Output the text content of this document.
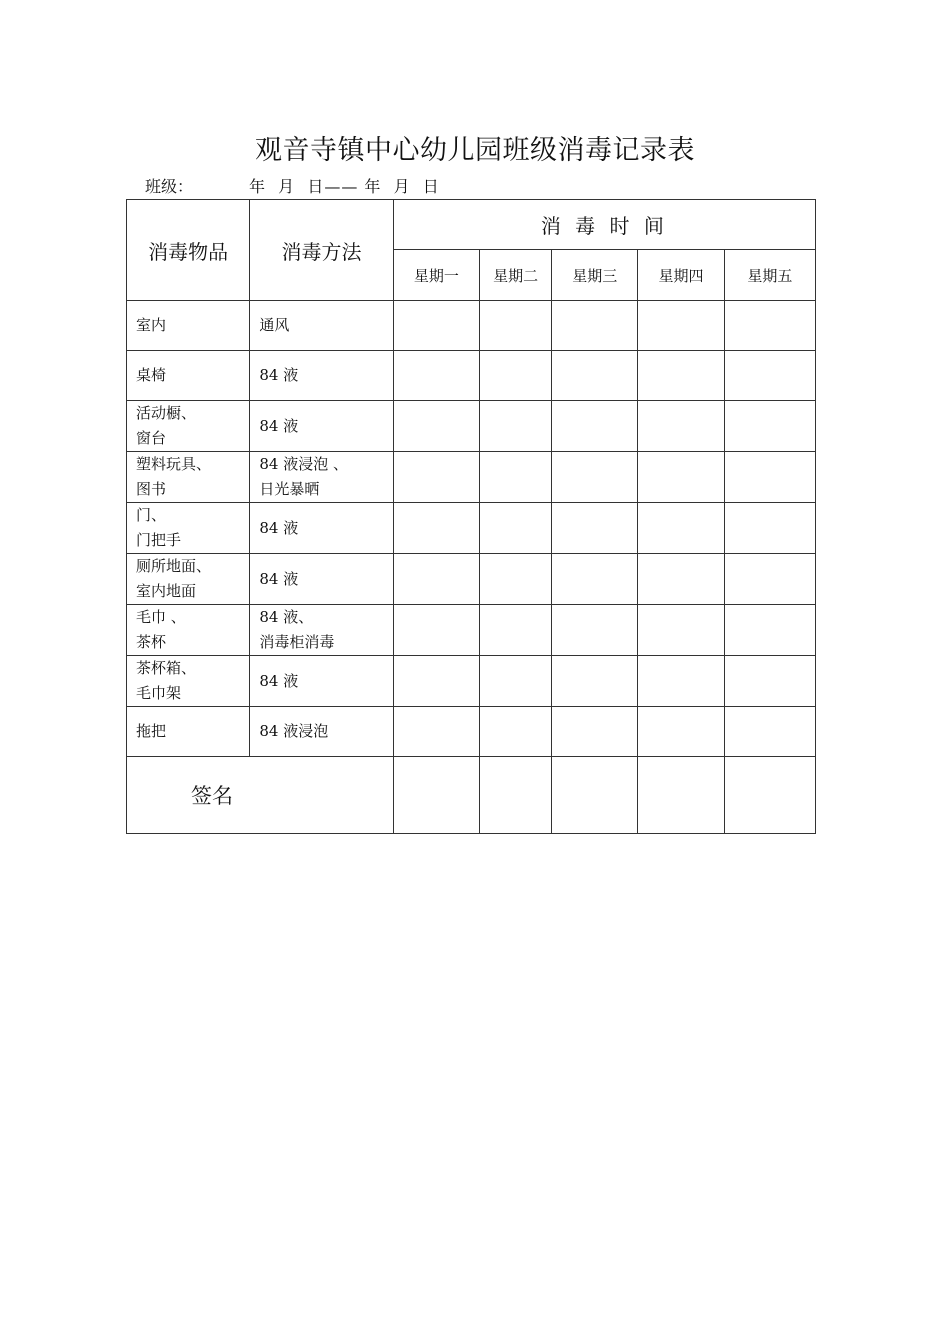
观音寺镇中心幼儿园班级消毒记录表
班级：	年  月  日—— 年  月  日
消毒物品	消毒方法	消 毒 时 间				
		星期一	星期二	星期三	星期四	星期五

室内	通风					

桌椅	84 液					

活动橱、
窗台	84 液					

塑料玩具、
图书	84 液浸泡 、
日光暴晒					

门、
门把手	84 液					

厕所地面、
室内地面	84 液					

毛巾 、
茶杯	84 液、
消毒柜消毒					

茶杯箱、
毛巾架	84 液					

拖把	84 液浸泡					

签名						
